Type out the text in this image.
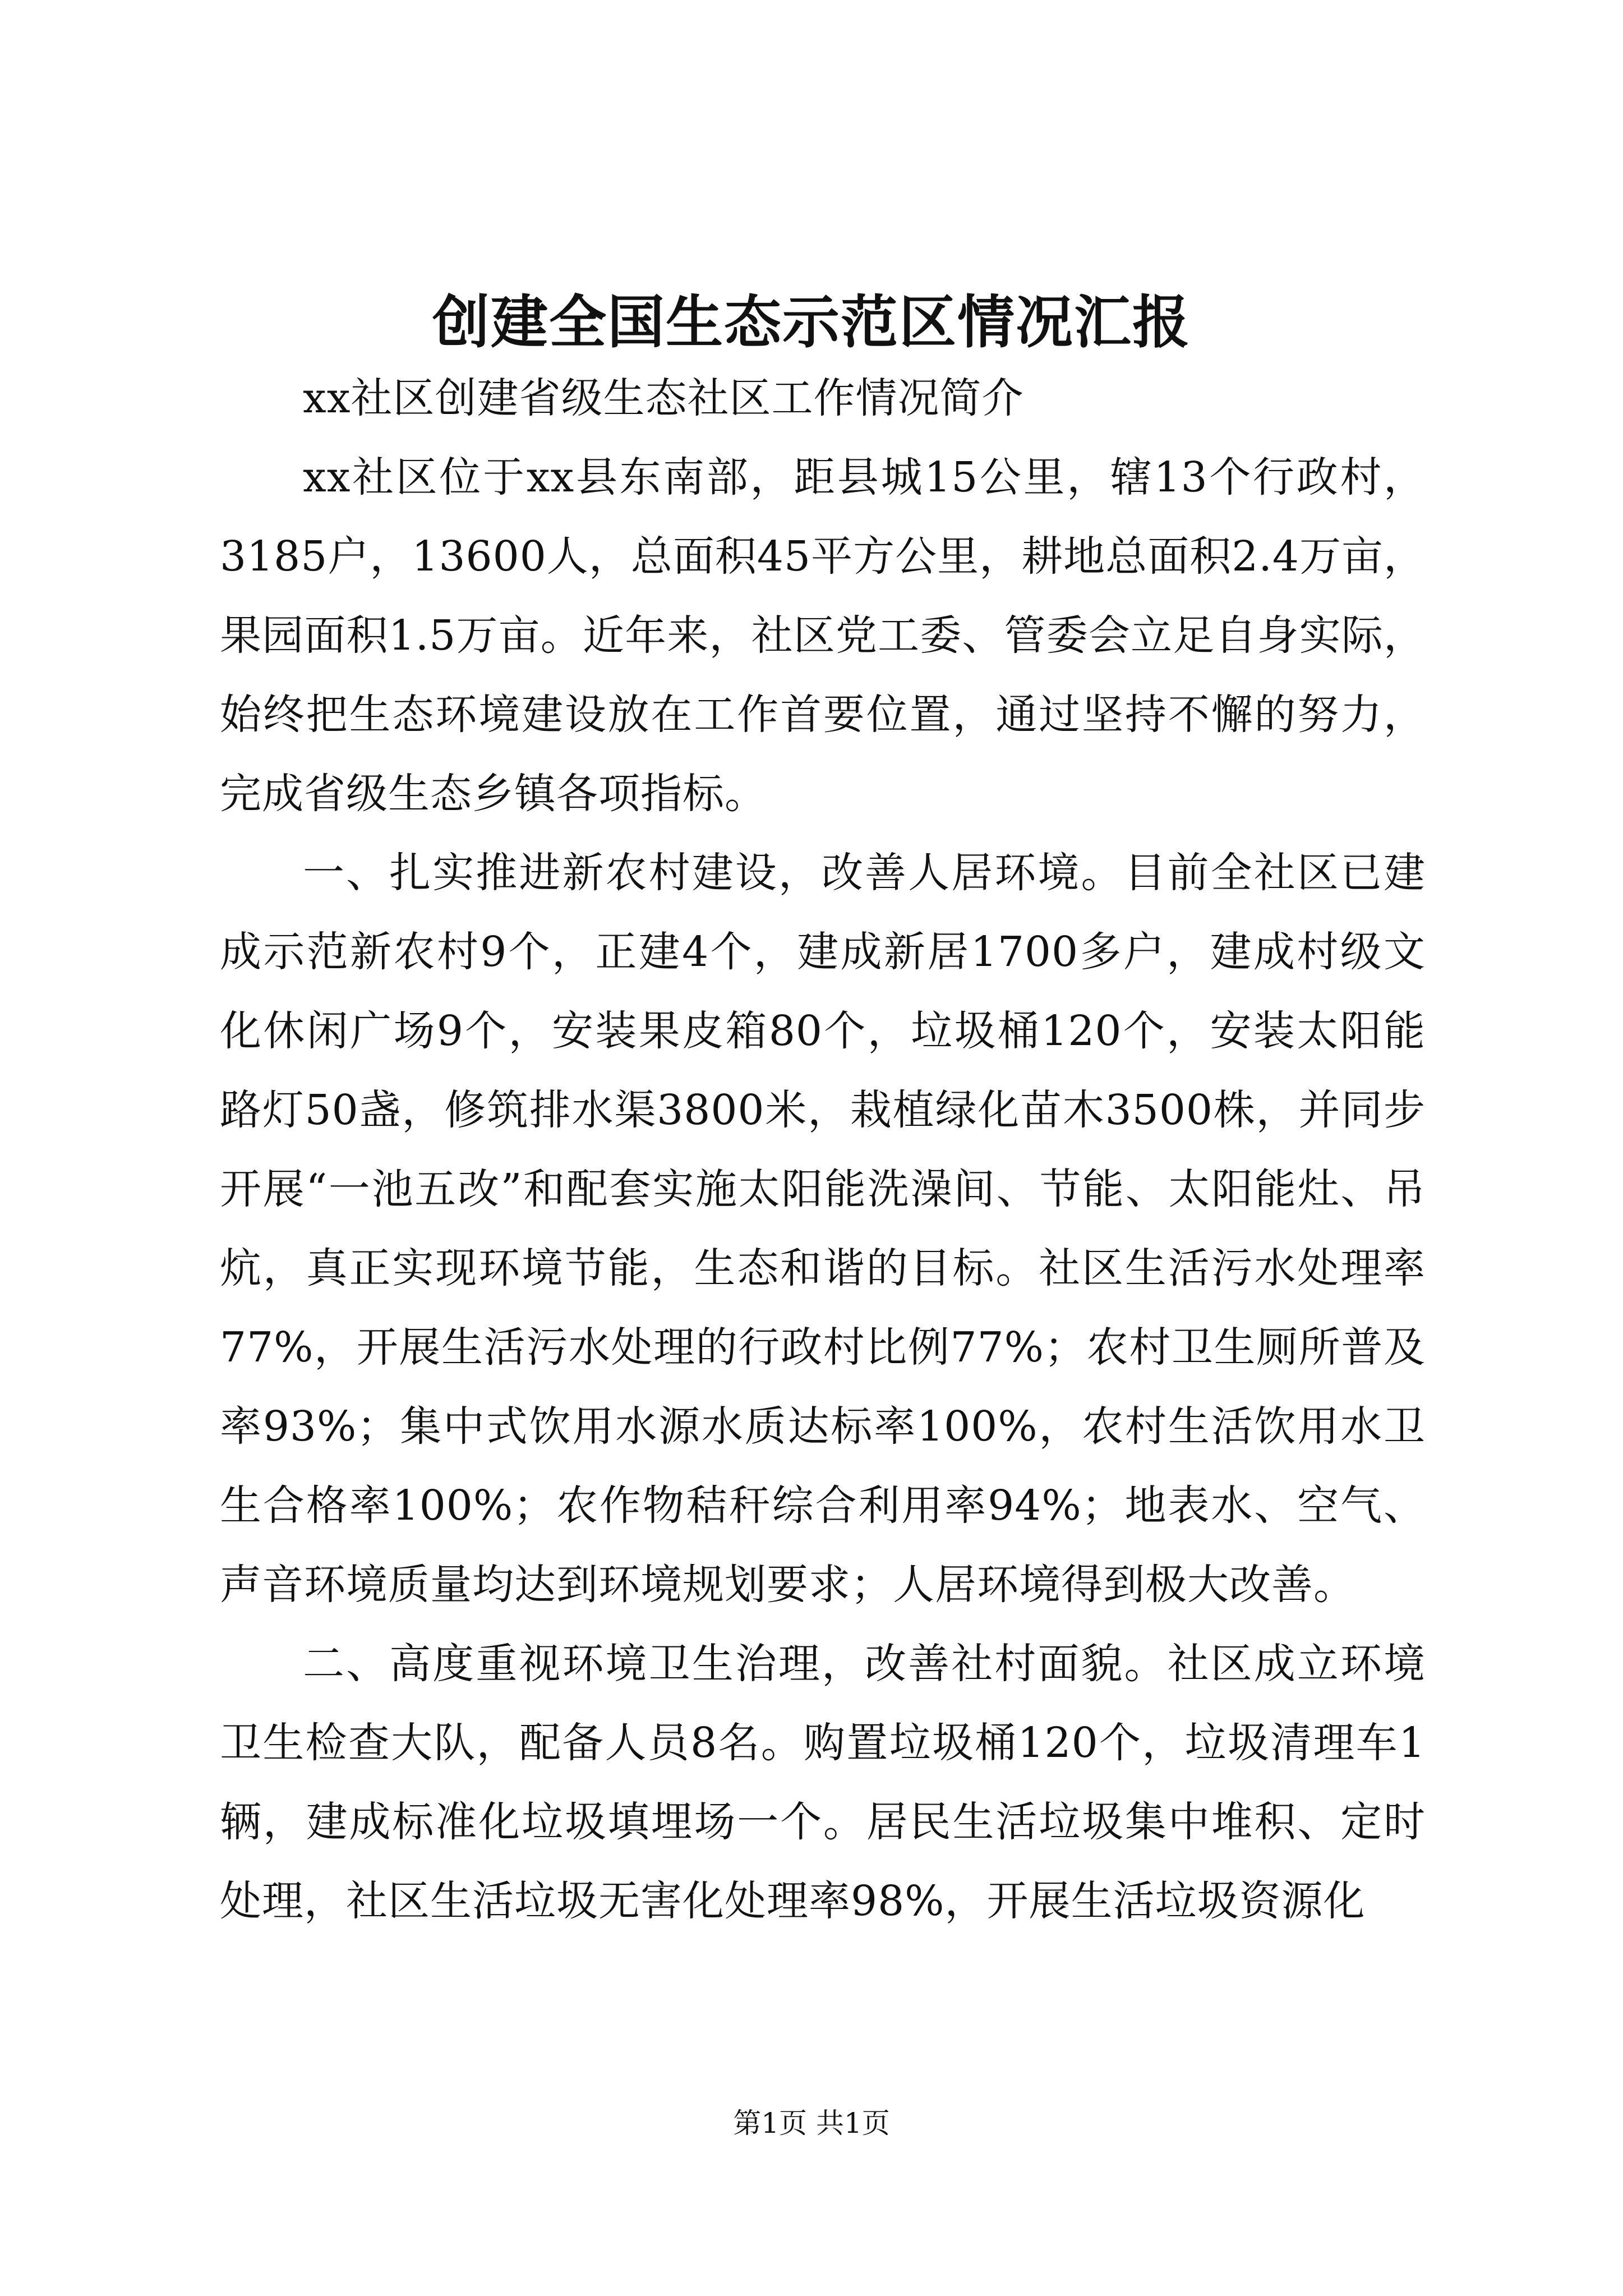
创建全国生态示范区情况汇报

xx社区创建省级生态社区工作情况简介

xx社区位于xx县东南部，距县城15公里，辖13个行政村，3185户，13600人，总面积45平方公里，耕地总面积2.4万亩，果园面积1.5万亩。近年来，社区党工委、管委会立足自身实际，始终把生态环境建设放在工作首要位置，通过坚持不懈的努力，完成省级生态乡镇各项指标。

一、扎实推进新农村建设，改善人居环境。目前全社区已建成示范新农村9个，正建4个，建成新居1700多户，建成村级文化休闲广场9个，安装果皮箱80个，垃圾桶120个，安装太阳能路灯50盏，修筑排水渠3800米，栽植绿化苗木3500株，并同步开展“一池五改”和配套实施太阳能洗澡间、节能、太阳能灶、吊炕，真正实现环境节能，生态和谐的目标。社区生活污水处理率77%，开展生活污水处理的行政村比例77%；农村卫生厕所普及率93%；集中式饮用水源水质达标率100%，农村生活饮用水卫生合格率100%；农作物秸秆综合利用率94%；地表水、空气、声音环境质量均达到环境规划要求；人居环境得到极大改善。

二、高度重视环境卫生治理，改善社村面貌。社区成立环境卫生检查大队，配备人员8名。购置垃圾桶120个，垃圾清理车1辆，建成标准化垃圾填埋场一个。居民生活垃圾集中堆积、定时处理，社区生活垃圾无害化处理率98%，开展生活垃圾资源化

第1页 共1页
